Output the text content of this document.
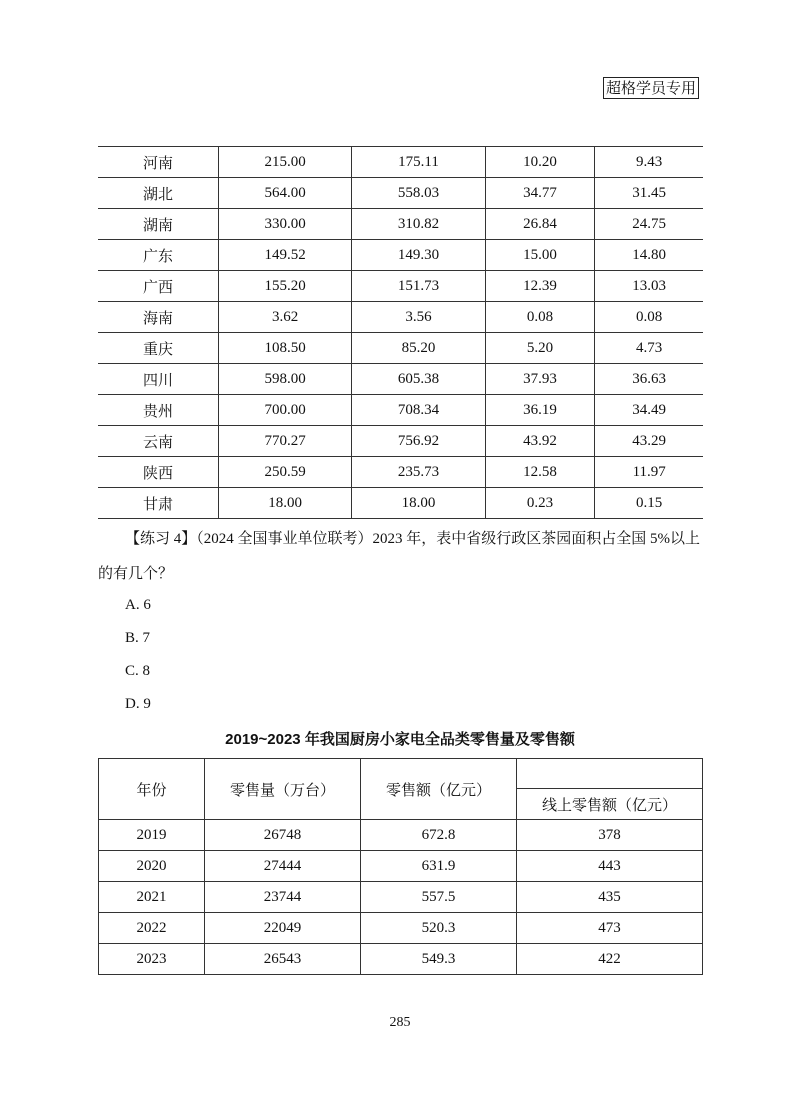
超格学员专用
河南	215.00	175.11	10.20	9.43
湖北	564.00	558.03	34.77	31.45
湖南	330.00	310.82	26.84	24.75
广东	149.52	149.30	15.00	14.80
广西	155.20	151.73	12.39	13.03
海南	3.62	3.56	0.08	0.08
重庆	108.50	85.20	5.20	4.73
四川	598.00	605.38	37.93	36.63
贵州	700.00	708.34	36.19	34.49
云南	770.27	756.92	43.92	43.29
陕西	250.59	235.73	12.58	11.97
甘肃	18.00	18.00	0.23	0.15
【练习 4】（2024 全国事业单位联考）2023 年，表中省级行政区茶园面积占全国 5%以上
的有几个？
A. 6
B. 7
C. 8
D. 9
2019~2023 年我国厨房小家电全品类零售量及零售额
年份	零售量（万台）	零售额（亿元）	
			线上零售额（亿元）
2019	26748	672.8	378
2020	27444	631.9	443
2021	23744	557.5	435
2022	22049	520.3	473
2023	26543	549.3	422
285
